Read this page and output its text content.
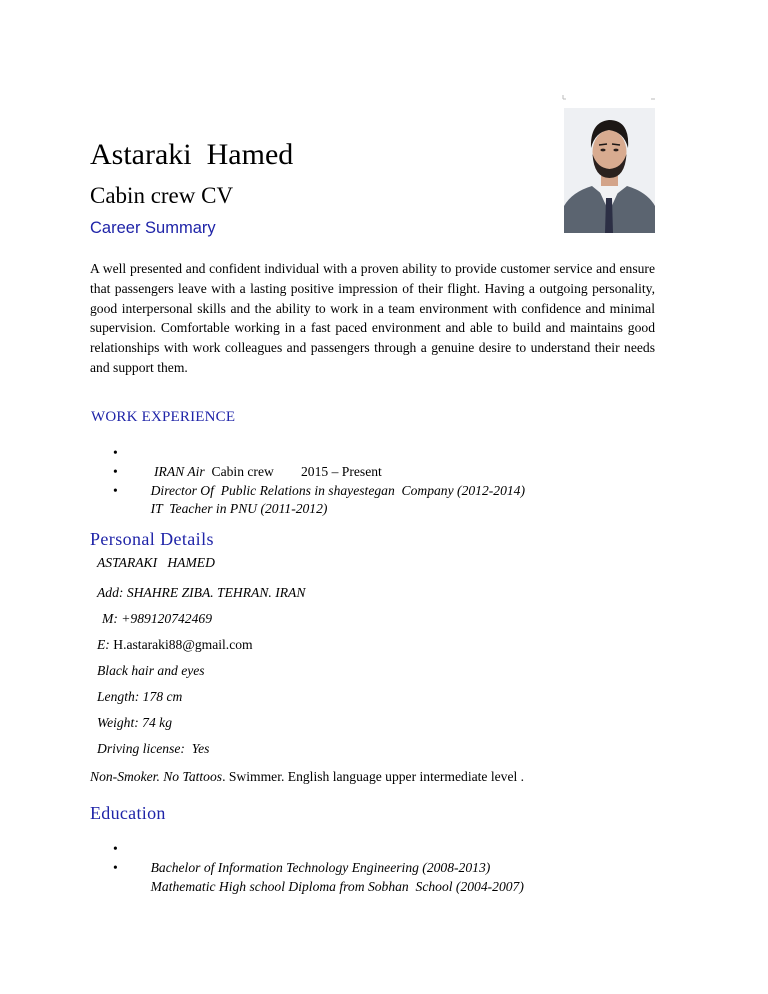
Astaraki  Hamed
Cabin crew CV
Career Summary
A well presented and confident individual with a proven ability to provide customer service and ensure that passengers leave with a lasting positive impression of their flight. Having a outgoing personality, good interpersonal skills and the ability to work in a team environment with confidence and minimal supervision. Comfortable working in a fast paced environment and able to build and maintains good relationships with work colleagues and passengers through a genuine desire to understand their needs and support them.
WORK EXPERIENCE

•
IRAN Air Cabin crew 2015 – Present

•
Director Of  Public Relations in shayestegan  Company (2012-2014)

•
IT  Teacher in PNU (2011-2012)

Personal Details
ASTARAKI   HAMED
Add: SHAHRE ZIBA. TEHRAN. IRAN
M: +989120742469
E: H.astaraki88@gmail.com
Black hair and eyes
Length: 178 cm
Weight: 74 kg
Driving license:  Yes
Non-Smoker. No Tattoos. Swimmer. English language upper intermediate level .
Education

•
Bachelor of Information Technology Engineering (2008-2013)

•
Mathematic High school Diploma from Sobhan  School (2004-2007)
